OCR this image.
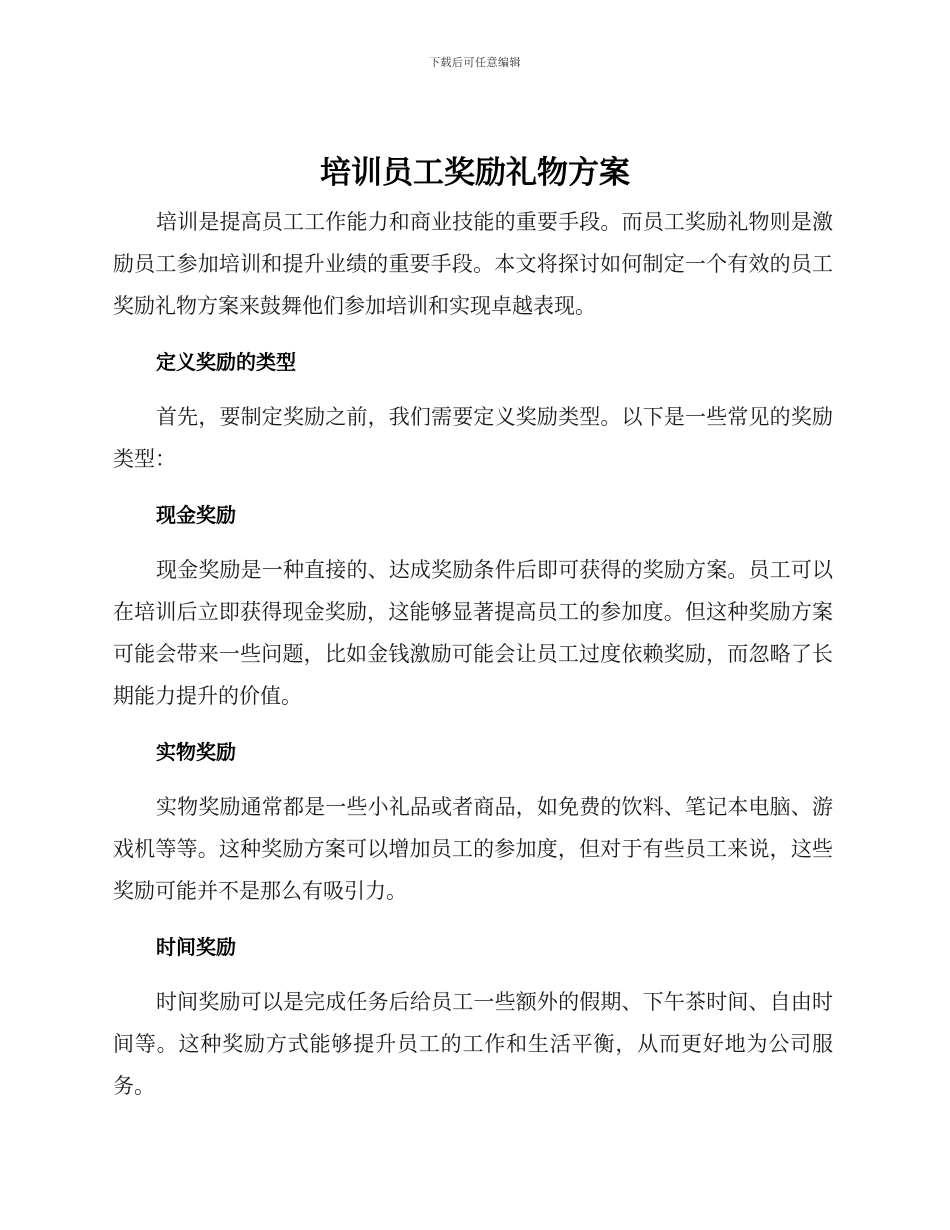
下载后可任意编辑
培训员工奖励礼物方案

培训是提高员工工作能力和商业技能的重要手段。而员工奖励礼物则是激励员工参加培训和提升业绩的重要手段。本文将探讨如何制定一个有效的员工奖励礼物方案来鼓舞他们参加培训和实现卓越表现。

定义奖励的类型

首先，要制定奖励之前，我们需要定义奖励类型。以下是一些常见的奖励类型：

现金奖励

现金奖励是一种直接的、达成奖励条件后即可获得的奖励方案。员工可以在培训后立即获得现金奖励，这能够显著提高员工的参加度。但这种奖励方案可能会带来一些问题，比如金钱激励可能会让员工过度依赖奖励，而忽略了长期能力提升的价值。

实物奖励

实物奖励通常都是一些小礼品或者商品，如免费的饮料、笔记本电脑、游戏机等等。这种奖励方案可以增加员工的参加度，但对于有些员工来说，这些奖励可能并不是那么有吸引力。

时间奖励

时间奖励可以是完成任务后给员工一些额外的假期、下午茶时间、自由时间等。这种奖励方式能够提升员工的工作和生活平衡，从而更好地为公司服务。
